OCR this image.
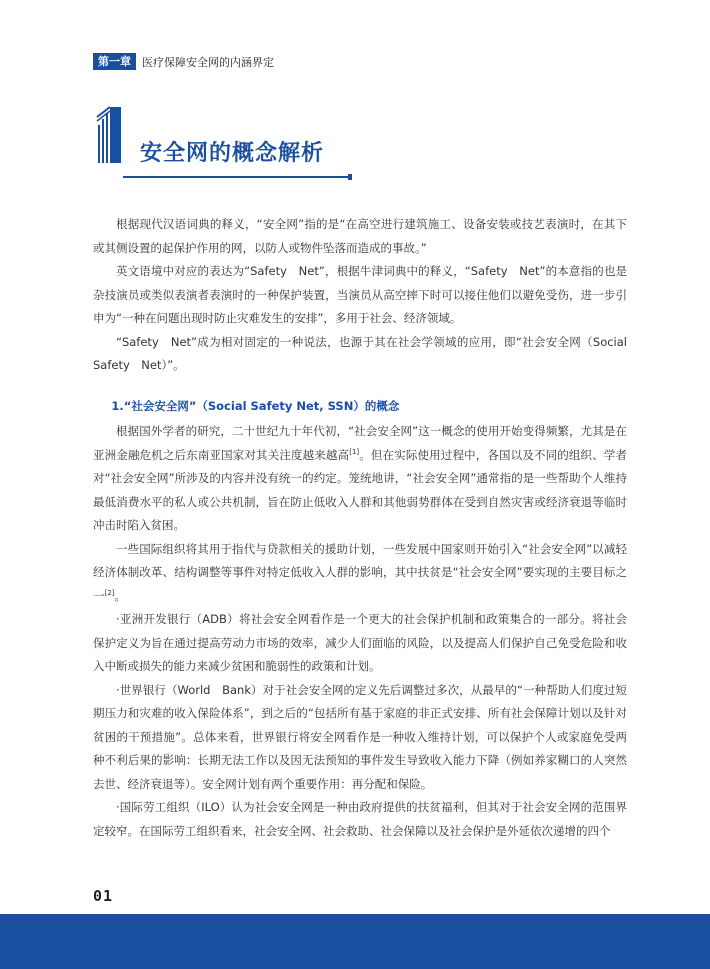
第一章	医疗保障安全网的内涵界定
安全网的概念解析

根据现代汉语词典的释义，“安全网”指的是“在高空进行建筑施工、设备安装或技艺表演时，在其下或其侧设置的起保护作用的网，以防人或物件坠落而造成的事故。”

英文语境中对应的表达为“Safety　Net”，根据牛津词典中的释义，“Safety　Net”的本意指的也是杂技演员或类似表演者表演时的一种保护装置，当演员从高空摔下时可以接住他们以避免受伤，进一步引申为“一种在问题出现时防止灾难发生的安排”，多用于社会、经济领域。

“Safety　Net”成为相对固定的一种说法，也源于其在社会学领域的应用，即“社会安全网（Social　Safety　Net）”。

1.“社会安全网”（Social Safety Net, SSN）的概念

根据国外学者的研究，二十世纪九十年代初，“社会安全网”这一概念的使用开始变得频繁，尤其是在亚洲金融危机之后东南亚国家对其关注度越来越高[1]。但在实际使用过程中，各国以及不同的组织、学者对“社会安全网”所涉及的内容并没有统一的约定。笼统地讲，“社会安全网”通常指的是一些帮助个人维持最低消费水平的私人或公共机制，旨在防止低收入人群和其他弱势群体在受到自然灾害或经济衰退等临时冲击时陷入贫困。

一些国际组织将其用于指代与贷款相关的援助计划，一些发展中国家则开始引入“社会安全网”以减轻经济体制改革、结构调整等事件对特定低收入人群的影响，其中扶贫是“社会安全网”要实现的主要目标之一[2]。

·亚洲开发银行（ADB）将社会安全网看作是一个更大的社会保护机制和政策集合的一部分。将社会保护定义为旨在通过提高劳动力市场的效率，减少人们面临的风险，以及提高人们保护自己免受危险和收入中断或损失的能力来减少贫困和脆弱性的政策和计划。

·世界银行（World　Bank）对于社会安全网的定义先后调整过多次，从最早的“一种帮助人们度过短期压力和灾难的收入保险体系”，到之后的“包括所有基于家庭的非正式安排、所有社会保障计划以及针对贫困的干预措施”。总体来看，世界银行将安全网看作是一种收入维持计划，可以保护个人或家庭免受两种不利后果的影响：长期无法工作以及因无法预知的事件发生导致收入能力下降（例如养家糊口的人突然去世、经济衰退等）。安全网计划有两个重要作用：再分配和保险。

·国际劳工组织（ILO）认为社会安全网是一种由政府提供的扶贫福利，但其对于社会安全网的范围界定较窄。在国际劳工组织看来，社会安全网、社会救助、社会保障以及社会保护是外延依次递增的四个

01
